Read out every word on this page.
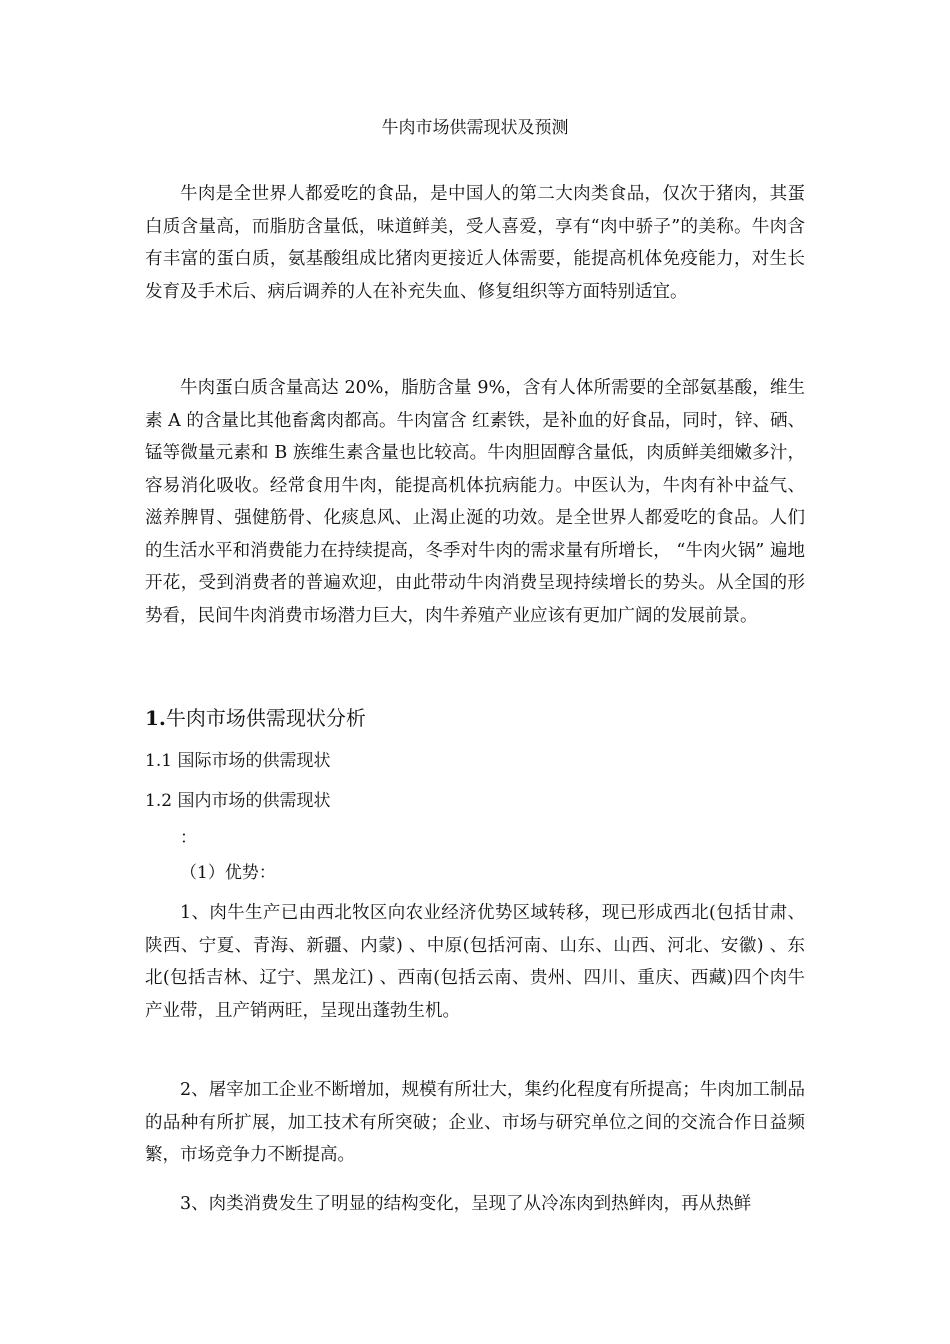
牛肉市场供需现状及预测

牛肉是全世界人都爱吃的食品，是中国人的第二大肉类食品，仅次于猪肉，其蛋白质含量高，而脂肪含量低，味道鲜美，受人喜爱，享有“肉中骄子”的美称。牛肉含有丰富的蛋白质，氨基酸组成比猪肉更接近人体需要，能提高机体免疫能力，对生长发育及手术后、病后调养的人在补充失血、修复组织等方面特别适宜。

牛肉蛋白质含量高达 20%，脂肪含量 9%，含有人体所需要的全部氨基酸，维生素 A 的含量比其他畜禽肉都高。牛肉富含 红素铁，是补血的好食品，同时，锌、硒、锰等微量元素和 B 族维生素含量也比较高。牛肉胆固醇含量低，肉质鲜美细嫩多汁，容易消化吸收。经常食用牛肉，能提高机体抗病能力。中医认为，牛肉有补中益气、滋养脾胃、强健筋骨、化痰息风、止渴止涎的功效。是全世界人都爱吃的食品。人们的生活水平和消费能力在持续提高，冬季对牛肉的需求量有所增长， “牛肉火锅” 遍地开花，受到消费者的普遍欢迎，由此带动牛肉消费呈现持续增长的势头。从全国的形势看，民间牛肉消费市场潜力巨大，肉牛养殖产业应该有更加广阔的发展前景。

1.牛肉市场供需现状分析
1.1 国际市场的供需现状
1.2 国内市场的供需现状
：
（1）优势：

1、肉牛生产已由西北牧区向农业经济优势区域转移，现已形成西北(包括甘肃、陕西、宁夏、青海、新疆、内蒙) 、中原(包括河南、山东、山西、河北、安徽) 、东北(包括吉林、辽宁、黑龙江) 、西南(包括云南、贵州、四川、重庆、西藏)四个肉牛产业带，且产销两旺，呈现出蓬勃生机。

2、屠宰加工企业不断增加，规模有所壮大，集约化程度有所提高；牛肉加工制品的品种有所扩展，加工技术有所突破；企业、市场与研究单位之间的交流合作日益频繁，市场竞争力不断提高。

3、肉类消费发生了明显的结构变化，呈现了从冷冻肉到热鲜肉，再从热鲜
